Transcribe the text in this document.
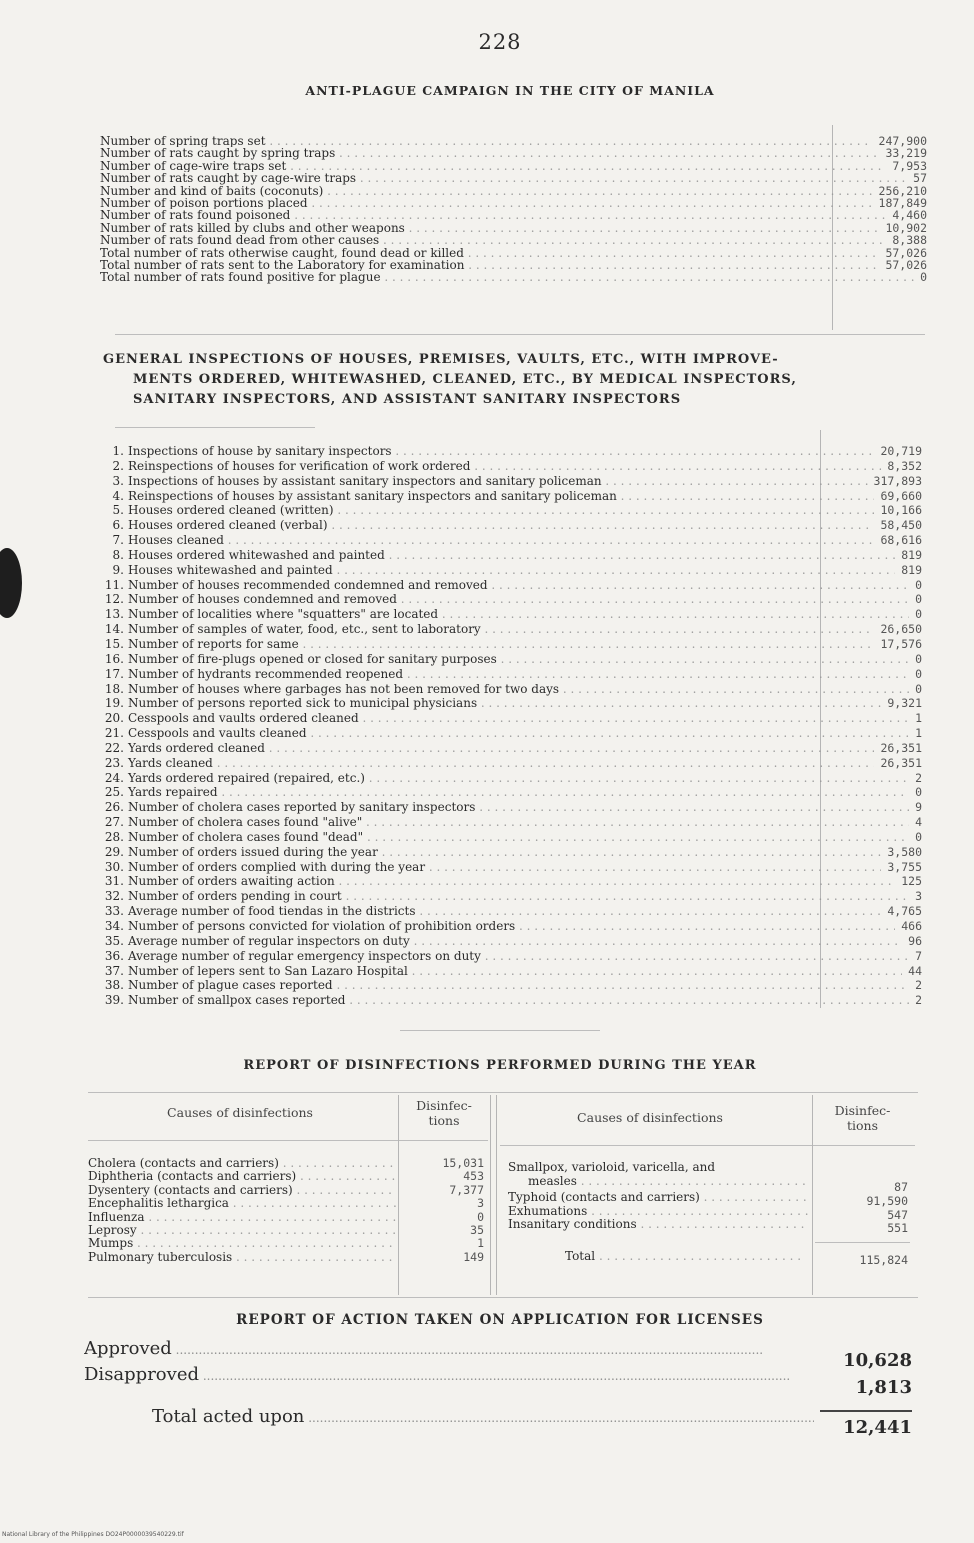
228
ANTI-PLAGUE CAMPAIGN IN THE CITY OF MANILA
Number of spring traps set . . .	247,900
Number of rats caught by spring traps . . .	33,219
Number of cage-wire traps set . . .	7,953
Number of rats caught by cage-wire traps . . .	57
Number and kind of baits (coconuts) . . .	256,210
Number of poison portions placed . . .	187,849
Number of rats found poisoned . . .	4,460
Number of rats killed by clubs and other weapons . . .	10,902
Number of rats found dead from other causes . . .	8,388
Total number of rats otherwise caught, found dead or killed . . .	57,026
Total number of rats sent to the Laboratory for examination . . .	57,026
Total number of rats found positive for plague . . .	0
GENERAL INSPECTIONS OF HOUSES, PREMISES, VAULTS, ETC., WITH IMPROVE-
MENTS ORDERED, WHITEWASHED, CLEANED, ETC., BY MEDICAL INSPECTORS,
SANITARY INSPECTORS, AND ASSISTANT SANITARY INSPECTORS
1. Inspections of house by sanitary inspectors . . .	20,719
2. Reinspections of houses for verification of work ordered . . .	8,352
3. Inspections of houses by assistant sanitary inspectors and sanitary policeman . . .	317,893
4. Reinspections of houses by assistant sanitary inspectors and sanitary policeman . . .	69,660
5. Houses ordered cleaned (written) . . .	10,166
6. Houses ordered cleaned (verbal) . . .	58,450
7. Houses cleaned . . .	68,616
8. Houses ordered whitewashed and painted . . .	819
9. Houses whitewashed and painted . . .	819
11. Number of houses recommended condemned and removed . . .	0
12. Number of houses condemned and removed . . .	0
13. Number of localities where "squatters" are located . . .	0
14. Number of samples of water, food, etc., sent to laboratory . . .	26,650
15. Number of reports for same . . .	17,576
16. Number of fire-plugs opened or closed for sanitary purposes . . .	0
17. Number of hydrants recommended reopened . . .	0
18. Number of houses where garbages has not been removed for two days . . .	0
19. Number of persons reported sick to municipal physicians . . .	9,321
20. Cesspools and vaults ordered cleaned . . .	1
21. Cesspools and vaults cleaned . . .	1
22. Yards ordered cleaned . . .	26,351
23. Yards cleaned . . .	26,351
24. Yards ordered repaired (repaired, etc.) . . .	2
25. Yards repaired . . .	0
26. Number of cholera cases reported by sanitary inspectors . . .	9
27. Number of cholera cases found "alive" . . .	4
28. Number of cholera cases found "dead" . . .	0
29. Number of orders issued during the year . . .	3,580
30. Number of orders complied with during the year . . .	3,755
31. Number of orders awaiting action . . .	125
32. Number of orders pending in court . . .	3
33. Average number of food tiendas in the districts . . .	4,765
34. Number of persons convicted for violation of prohibition orders . . .	466
35. Average number of regular inspectors on duty . . .	96
36. Average number of regular emergency inspectors on duty . . .	7
37. Number of lepers sent to San Lazaro Hospital . . .	44
38. Number of plague cases reported . . .	2
39. Number of smallpox cases reported . . .	2
REPORT OF DISINFECTIONS PERFORMED DURING THE YEAR
Causes of disinfections	Disinfec-
tions	Causes of disinfections	Disinfec-
tions
Cholera (contacts and carriers) . . .	15,031
Diphtheria (contacts and carriers) . . .	453
Dysentery (contacts and carriers) . . .	7,377
Encephalitis lethargica . . .	3
Influenza . . .	0
Leprosy . . .	35
Mumps . . .	1
Pulmonary tuberculosis . . .	149
Smallpox, varioloid, varicella, and
measles . . .	87
Typhoid (contacts and carriers) . . .	91,590
Exhumations . . .	547
Insanitary conditions . . .	551
Total . . .	115,824
REPORT OF ACTION TAKEN ON APPLICATION FOR LICENSES
Approved .....
10,628
Disapproved .....
1,813
Total acted upon .....
12,441
National Library of the Philippines DO24P0000039540229.tif
